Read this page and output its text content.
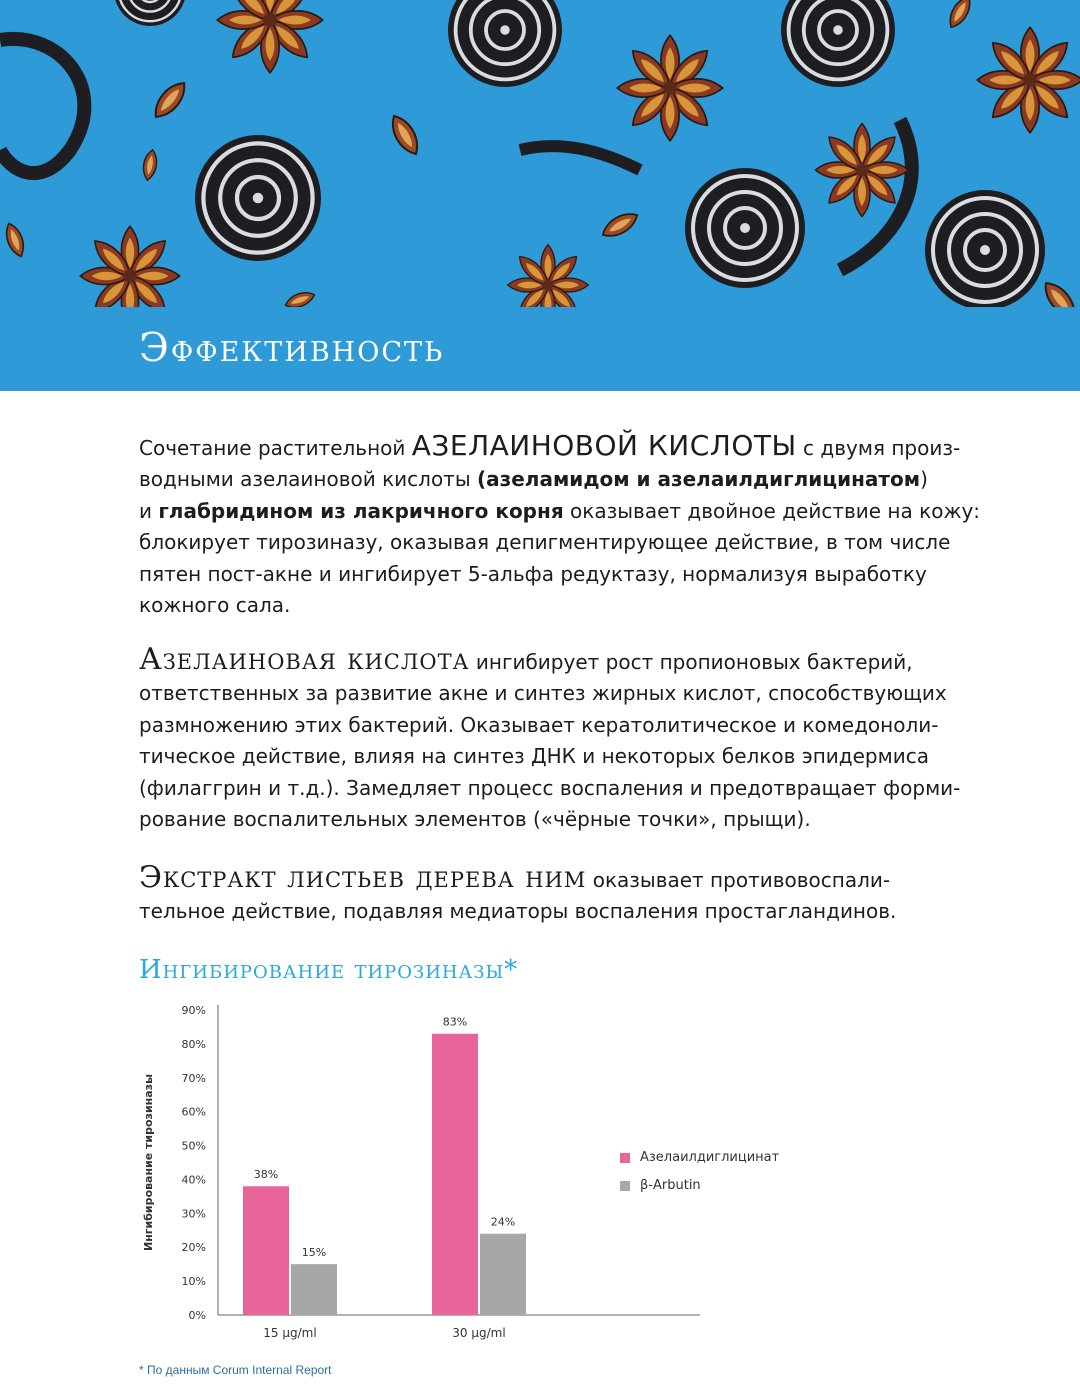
Эффективность
Сочетание растительной АЗЕЛАИНОВОЙ КИСЛОТЫ с двумя произ-
водными азелаиновой кислоты (азеламидом и азелаилдиглицинатом)
и глабридином из лакричного корня оказывает двойное действие на кожу:
блокирует тирозиназу, оказывая депигментирующее действие, в том числе
пятен пост-акне и ингибирует 5-альфа редуктазу, нормализуя выработку
кожного сала.
Азелаиновая кислота ингибирует рост пропионовых бактерий,
ответственных за развитие акне и синтез жирных кислот, способствующих
размножению этих бактерий. Оказывает кератолитическое и комедоноли-
тическое действие, влияя на синтез ДНК и некоторых белков эпидермиса
(филаггрин и т.д.). Замедляет процесс воспаления и предотвращает форми-
рование воспалительных элементов («чёрные точки», прыщи).
Экстракт листьев дерева ним оказывает противовоспали-
тельное действие, подавляя медиаторы воспаления простагландинов.
Ингибирование тирозиназы*
0%
10%
20%
30%
40%
50%
60%
70%
80%
90%
Ингибирование тирозиназы	38%
15%
15 µg/ml
83%
24%
30 µg/ml
Азелаилдиглицинат
β-Arbutin
* По данным Corum Internal Report
